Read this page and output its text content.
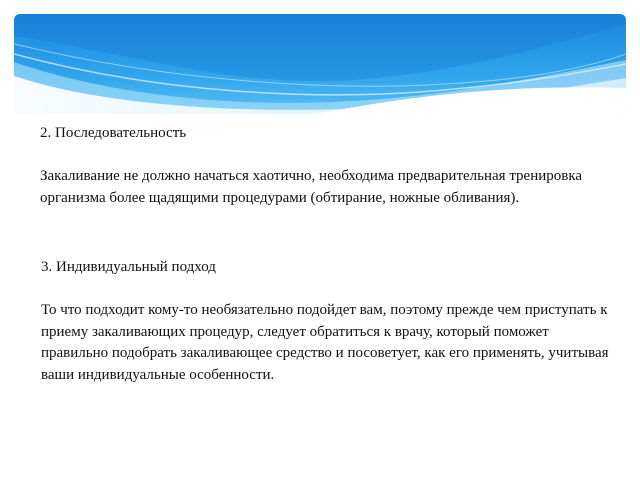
2. Последовательность

Закаливание не должно начаться хаотично, необходима предварительная тренировка организма более щадящими процедурами (обтирание, ножные обливания).

3. Индивидуальный подход

То что подходит кому-то необязательно подойдет вам, поэтому прежде чем приступать к приему закаливающих процедур, следует обратиться к врачу, который поможет правильно подобрать закаливающее средство и посоветует, как его применять, учитывая ваши индивидуальные особенности.
